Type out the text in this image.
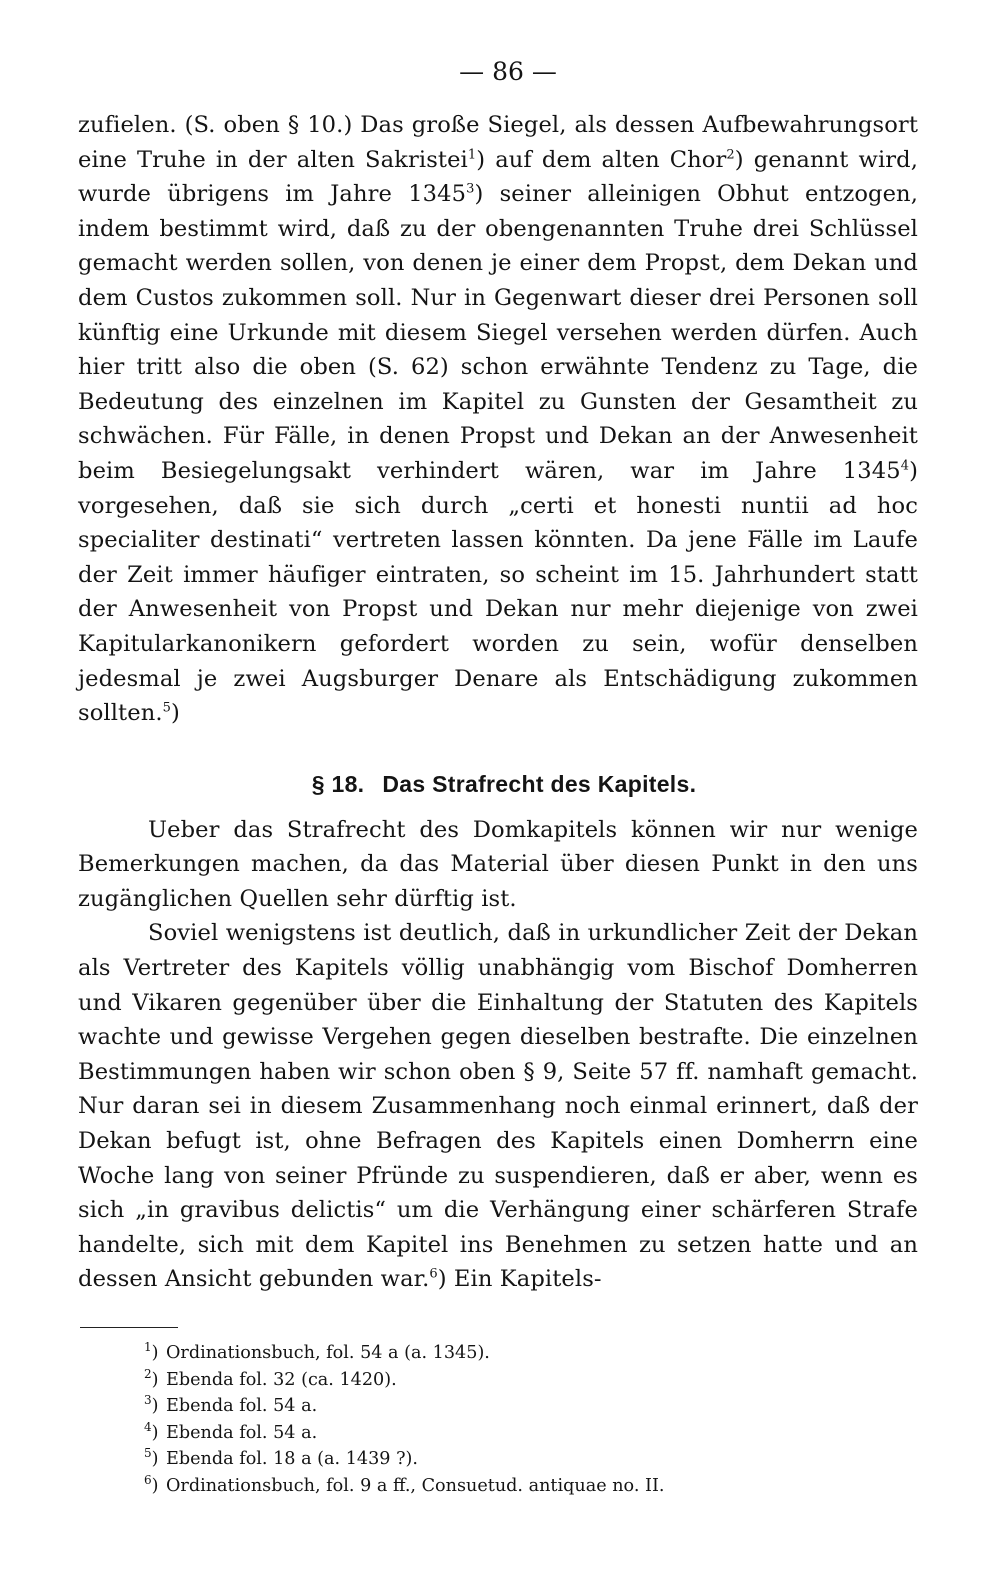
— 86 —

zufielen. (S. oben § 10.) Das große Siegel, als dessen Aufbewahrungsort eine Truhe in der alten Sakristei$^1$) auf dem alten Chor$^2$) genannt wird, wurde übrigens im Jahre 1345$^3$) seiner alleinigen Obhut entzogen, indem bestimmt wird, daß zu der obengenannten Truhe drei Schlüssel gemacht werden sollen, von denen je einer dem Propst, dem Dekan und dem Custos zukommen soll. Nur in Gegenwart dieser drei Personen soll künftig eine Urkunde mit diesem Siegel versehen werden dürfen. Auch hier tritt also die oben (S. 62) schon erwähnte Tendenz zu Tage, die Bedeutung des einzelnen im Kapitel zu Gunsten der Gesamtheit zu schwächen. Für Fälle, in denen Propst und Dekan an der Anwesenheit beim Besiegelungsakt verhindert wären, war im Jahre 1345$^4$) vorgesehen, daß sie sich durch „certi et honesti nuntii ad hoc specialiter destinati“ vertreten lassen könnten. Da jene Fälle im Laufe der Zeit immer häufiger eintraten, so scheint im 15. Jahrhundert statt der Anwesenheit von Propst und Dekan nur mehr diejenige von zwei Kapitularkanonikern gefordert worden zu sein, wofür denselben jedesmal je zwei Augsburger Denare als Entschädigung zukommen sollten.$^5$)

§ 18. Das Strafrecht des Kapitels.

Ueber das Strafrecht des Domkapitels können wir nur wenige Bemerkungen machen, da das Material über diesen Punkt in den uns zugänglichen Quellen sehr dürftig ist.

Soviel wenigstens ist deutlich, daß in urkundlicher Zeit der Dekan als Vertreter des Kapitels völlig unabhängig vom Bischof Domherren und Vikaren gegenüber über die Einhaltung der Statuten des Kapitels wachte und gewisse Vergehen gegen dieselben bestrafte. Die einzelnen Bestimmungen haben wir schon oben § 9, Seite 57 ff. namhaft gemacht. Nur daran sei in diesem Zusammenhang noch einmal erinnert, daß der Dekan befugt ist, ohne Befragen des Kapitels einen Domherrn eine Woche lang von seiner Pfründe zu suspendieren, daß er aber, wenn es sich „in gravibus delictis“ um die Verhängung einer schärferen Strafe handelte, sich mit dem Kapitel ins Benehmen zu setzen hatte und an dessen Ansicht gebunden war.$^6$) Ein Kapitels-

$^1$) Ordinationsbuch, fol. 54 a (a. 1345).
$^2$) Ebenda fol. 32 (ca. 1420).
$^3$) Ebenda fol. 54 a.
$^4$) Ebenda fol. 54 a.
$^5$) Ebenda fol. 18 a (a. 1439 ?).
$^6$) Ordinationsbuch, fol. 9 a ff., Consuetud. antiquae no. II.
